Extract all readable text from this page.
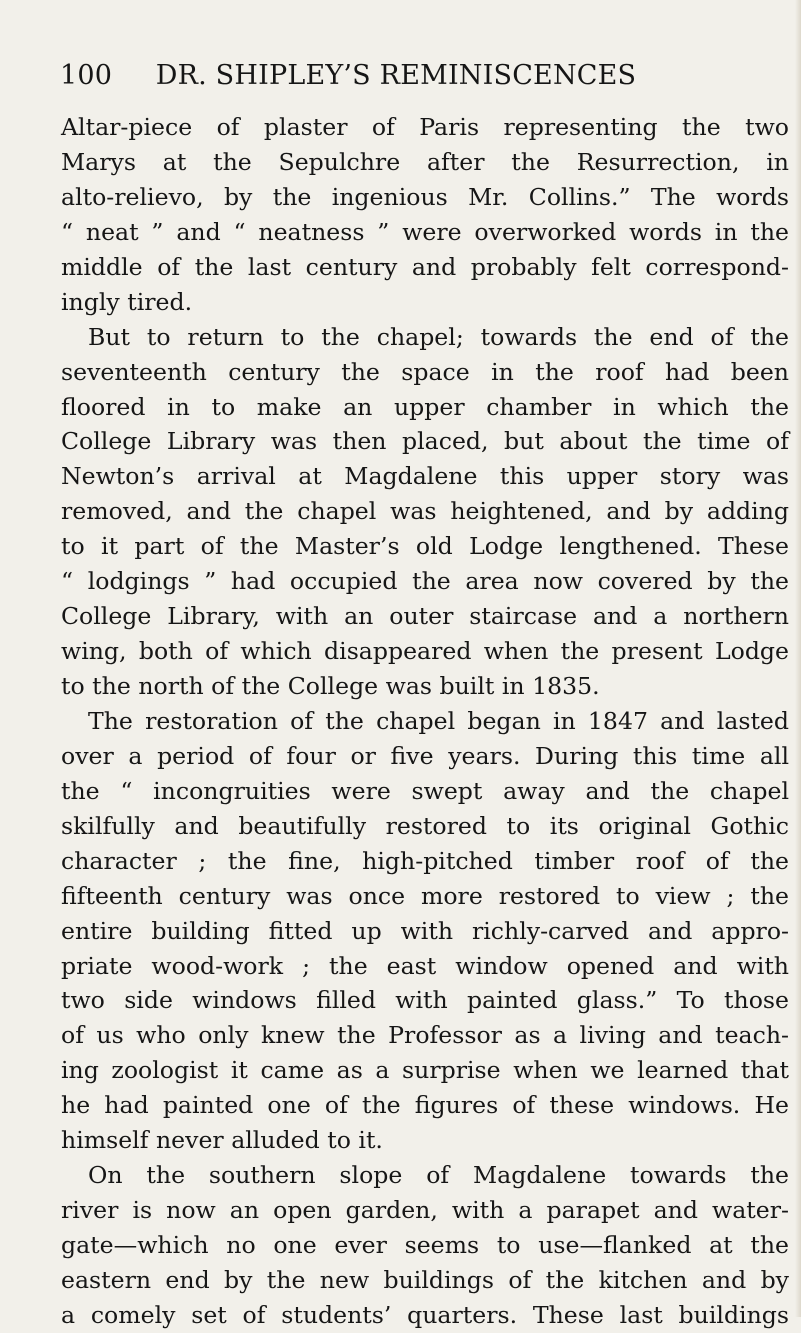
100	DR. SHIPLEY’S REMINISCENCES
Altar-piece of plaster of Paris representing the two
Marys at the Sepulchre after the Resurrection, in
alto-relievo, by the ingenious Mr. Collins.” The words
“ neat ” and “ neatness ” were overworked words in the
middle of the last century and probably felt correspond-
ingly tired.
But to return to the chapel; towards the end of the
seventeenth century the space in the roof had been
floored in to make an upper chamber in which the
College Library was then placed, but about the time of
Newton’s arrival at Magdalene this upper story was
removed, and the chapel was heightened, and by adding
to it part of the Master’s old Lodge lengthened. These
“ lodgings ” had occupied the area now covered by the
College Library, with an outer staircase and a northern
wing, both of which disappeared when the present Lodge
to the north of the College was built in 1835.
The restoration of the chapel began in 1847 and lasted
over a period of four or five years. During this time all
the “ incongruities were swept away and the chapel
skilfully and beautifully restored to its original Gothic
character ; the fine, high-pitched timber roof of the
fifteenth century was once more restored to view ; the
entire building fitted up with richly-carved and appro-
priate wood-work ; the east window opened and with
two side windows filled with painted glass.” To those
of us who only knew the Professor as a living and teach-
ing zoologist it came as a surprise when we learned that
he had painted one of the figures of these windows. He
himself never alluded to it.
On the southern slope of Magdalene towards the
river is now an open garden, with a parapet and water-
gate—which no one ever seems to use—flanked at the
eastern end by the new buildings of the kitchen and by
a comely set of students’ quarters. These last buildings
